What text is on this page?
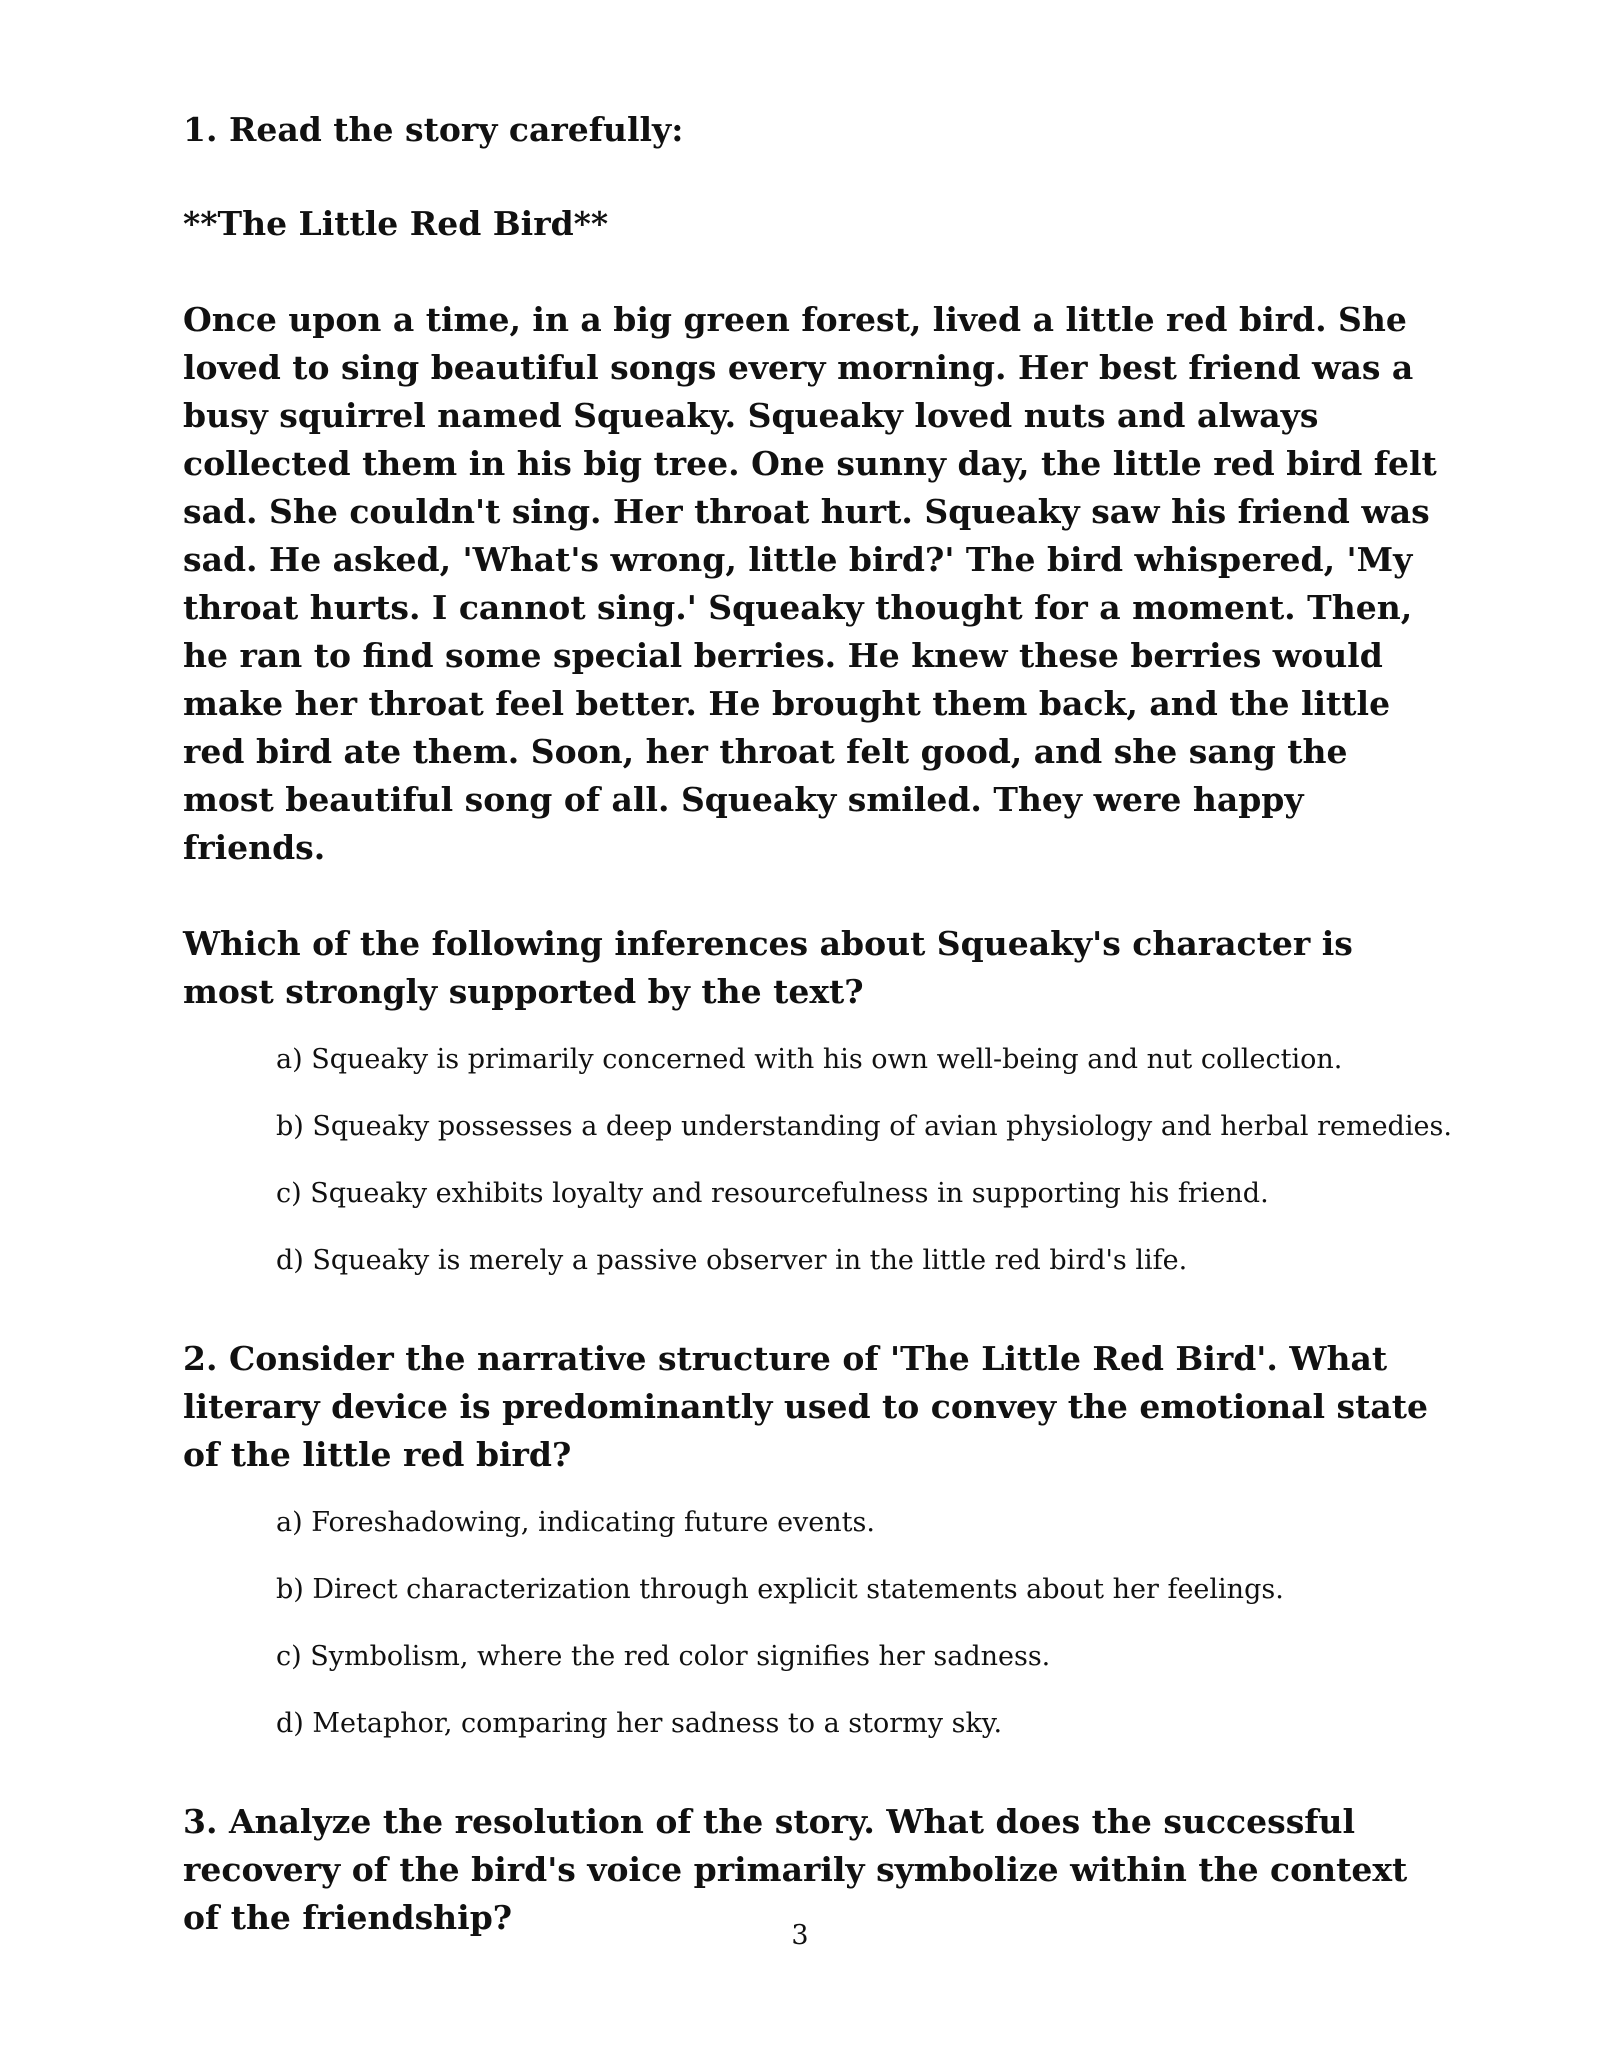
1. Read the story carefully:

**The Little Red Bird**

Once upon a time, in a big green forest, lived a little red bird. She loved to sing beautiful songs every morning. Her best friend was a busy squirrel named Squeaky. Squeaky loved nuts and always collected them in his big tree. One sunny day, the little red bird felt sad. She couldn't sing. Her throat hurt. Squeaky saw his friend was sad. He asked, 'What's wrong, little bird?' The bird whispered, 'My throat hurts. I cannot sing.' Squeaky thought for a moment. Then, he ran to find some special berries. He knew these berries would make her throat feel better. He brought them back, and the little red bird ate them. Soon, her throat felt good, and she sang the most beautiful song of all. Squeaky smiled. They were happy friends.

Which of the following inferences about Squeaky's character is most strongly supported by the text?

a) Squeaky is primarily concerned with his own well-being and nut collection.
b) Squeaky possesses a deep understanding of avian physiology and herbal remedies.
c) Squeaky exhibits loyalty and resourcefulness in supporting his friend.
d) Squeaky is merely a passive observer in the little red bird's life.

2. Consider the narrative structure of 'The Little Red Bird'. What literary device is predominantly used to convey the emotional state of the little red bird?

a) Foreshadowing, indicating future events.
b) Direct characterization through explicit statements about her feelings.
c) Symbolism, where the red color signifies her sadness.
d) Metaphor, comparing her sadness to a stormy sky.

3. Analyze the resolution of the story. What does the successful recovery of the bird's voice primarily symbolize within the context of the friendship?	3
